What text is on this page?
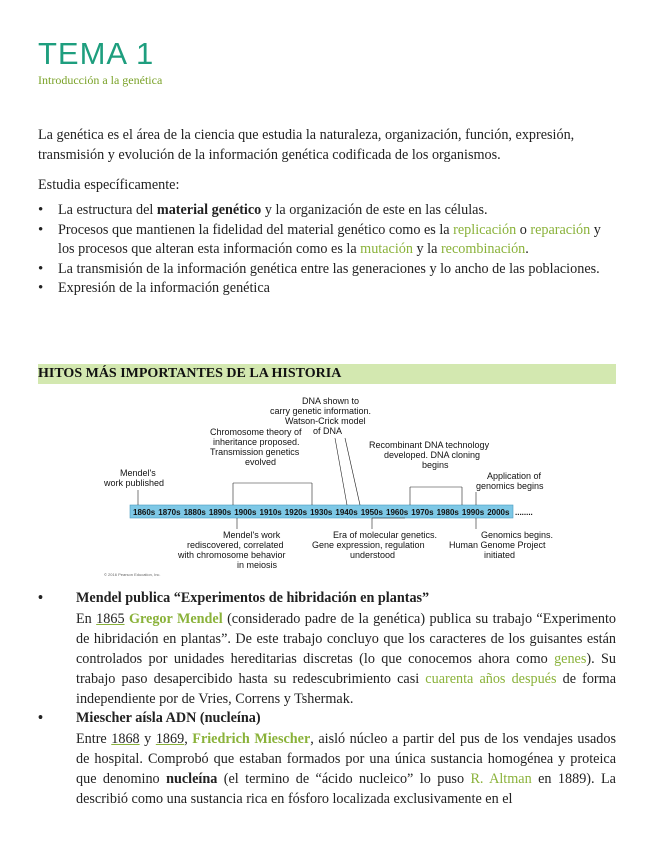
TEMA 1
Introducción a la genética
La genética es el área de la ciencia que estudia la naturaleza, organización, función, expresión, transmisión y evolución de la información genética codificada de los organismos.
Estudia específicamente:
• La estructura del material genético y la organización de este en las células.
• Procesos que mantienen la fidelidad del material genético como es la replicación o reparación y los procesos que alteran esta información como es la mutación y la recombinación.
• La transmisión de la información genética entre las generaciones y lo ancho de las poblaciones.
• Expresión de la información genética
HITOS MÁS IMPORTANTES DE LA HISTORIA
1860s 1870s 1880s 1890s 1900s 1910s 1920s 1930s 1940s 1950s 1960s 1970s 1980s 1990s 2000s ........
Mendel's
work published
Chromosome theory of
inheritance proposed.
Transmission genetics
evolved
DNA shown to
carry genetic information.
Watson-Crick model
of DNA
Recombinant DNA technology
developed. DNA cloning
begins
Application of
genomics begins
Mendel's work
rediscovered, correlated
with chromosome behavior
in meiosis
Era of molecular genetics.
Gene expression, regulation
understood
Genomics begins.
Human Genome Project
initiated
© 2016 Pearson Education, Inc.
• Mendel publica “Experimentos de hibridación en plantas”
En 1865 Gregor Mendel (considerado padre de la genética) publica su trabajo “Experimento de hibridación en plantas”. De este trabajo concluyo que los caracteres de los guisantes están controlados por unidades hereditarias discretas (lo que conocemos ahora como genes). Su trabajo paso desapercibido hasta su redescubrimiento casi cuarenta años después de forma independiente por de Vries, Correns y Tshermak.
• Miescher aísla ADN (nucleína)
Entre 1868 y 1869, Friedrich Miescher, aisló núcleo a partir del pus de los vendajes usados de hospital. Comprobó que estaban formados por una única sustancia homogénea y proteica que denomino nucleína (el termino de “ácido nucleico” lo puso R. Altman en 1889). La describió como una sustancia rica en fósforo localizada exclusivamente en el
